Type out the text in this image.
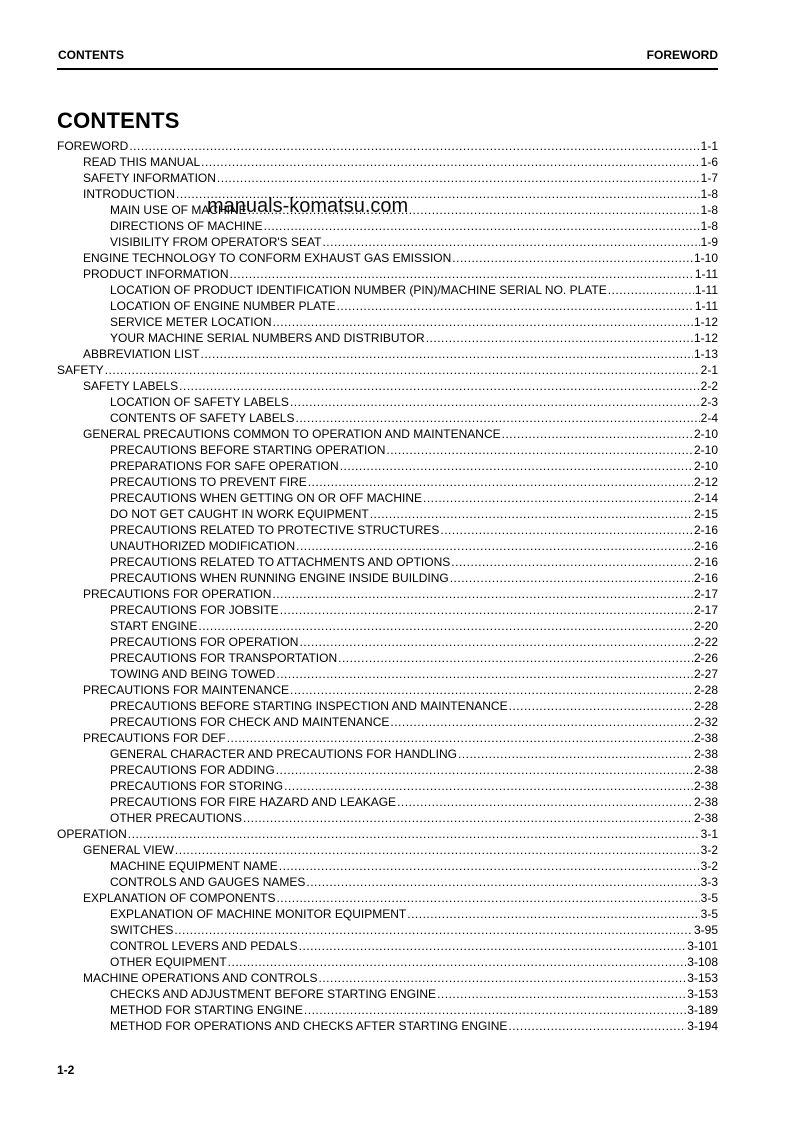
CONTENTS	FOREWORD
CONTENTS
FOREWORD .....	1-1
READ THIS MANUAL .....	1-6
SAFETY INFORMATION .....	1-7
INTRODUCTION .....	1-8
MAIN USE OF MACHINE .....	1-8
DIRECTIONS OF MACHINE .....	1-8
VISIBILITY FROM OPERATOR'S SEAT .....	1-9
ENGINE TECHNOLOGY TO CONFORM EXHAUST GAS EMISSION .....	1-10
PRODUCT INFORMATION .....	1-11
LOCATION OF PRODUCT IDENTIFICATION NUMBER (PIN)/MACHINE SERIAL NO. PLATE .....	1-11
LOCATION OF ENGINE NUMBER PLATE .....	1-11
SERVICE METER LOCATION .....	1-12
YOUR MACHINE SERIAL NUMBERS AND DISTRIBUTOR .....	1-12
ABBREVIATION LIST .....	1-13
SAFETY .....	2-1
SAFETY LABELS .....	2-2
LOCATION OF SAFETY LABELS .....	2-3
CONTENTS OF SAFETY LABELS .....	2-4
GENERAL PRECAUTIONS COMMON TO OPERATION AND MAINTENANCE .....	2-10
PRECAUTIONS BEFORE STARTING OPERATION .....	2-10
PREPARATIONS FOR SAFE OPERATION .....	2-10
PRECAUTIONS TO PREVENT FIRE .....	2-12
PRECAUTIONS WHEN GETTING ON OR OFF MACHINE .....	2-14
DO NOT GET CAUGHT IN WORK EQUIPMENT .....	2-15
PRECAUTIONS RELATED TO PROTECTIVE STRUCTURES .....	2-16
UNAUTHORIZED MODIFICATION .....	2-16
PRECAUTIONS RELATED TO ATTACHMENTS AND OPTIONS .....	2-16
PRECAUTIONS WHEN RUNNING ENGINE INSIDE BUILDING .....	2-16
PRECAUTIONS FOR OPERATION .....	2-17
PRECAUTIONS FOR JOBSITE .....	2-17
START ENGINE .....	2-20
PRECAUTIONS FOR OPERATION .....	2-22
PRECAUTIONS FOR TRANSPORTATION .....	2-26
TOWING AND BEING TOWED .....	2-27
PRECAUTIONS FOR MAINTENANCE .....	2-28
PRECAUTIONS BEFORE STARTING INSPECTION AND MAINTENANCE .....	2-28
PRECAUTIONS FOR CHECK AND MAINTENANCE .....	2-32
PRECAUTIONS FOR DEF .....	2-38
GENERAL CHARACTER AND PRECAUTIONS FOR HANDLING .....	2-38
PRECAUTIONS FOR ADDING .....	2-38
PRECAUTIONS FOR STORING .....	2-38
PRECAUTIONS FOR FIRE HAZARD AND LEAKAGE .....	2-38
OTHER PRECAUTIONS .....	2-38
OPERATION .....	3-1
GENERAL VIEW .....	3-2
MACHINE EQUIPMENT NAME .....	3-2
CONTROLS AND GAUGES NAMES .....	3-3
EXPLANATION OF COMPONENTS .....	3-5
EXPLANATION OF MACHINE MONITOR EQUIPMENT .....	3-5
SWITCHES .....	3-95
CONTROL LEVERS AND PEDALS .....	3-101
OTHER EQUIPMENT .....	3-108
MACHINE OPERATIONS AND CONTROLS .....	3-153
CHECKS AND ADJUSTMENT BEFORE STARTING ENGINE .....	3-153
METHOD FOR STARTING ENGINE .....	3-189
METHOD FOR OPERATIONS AND CHECKS AFTER STARTING ENGINE .....	3-194
manuals-komatsu.com
1-2
